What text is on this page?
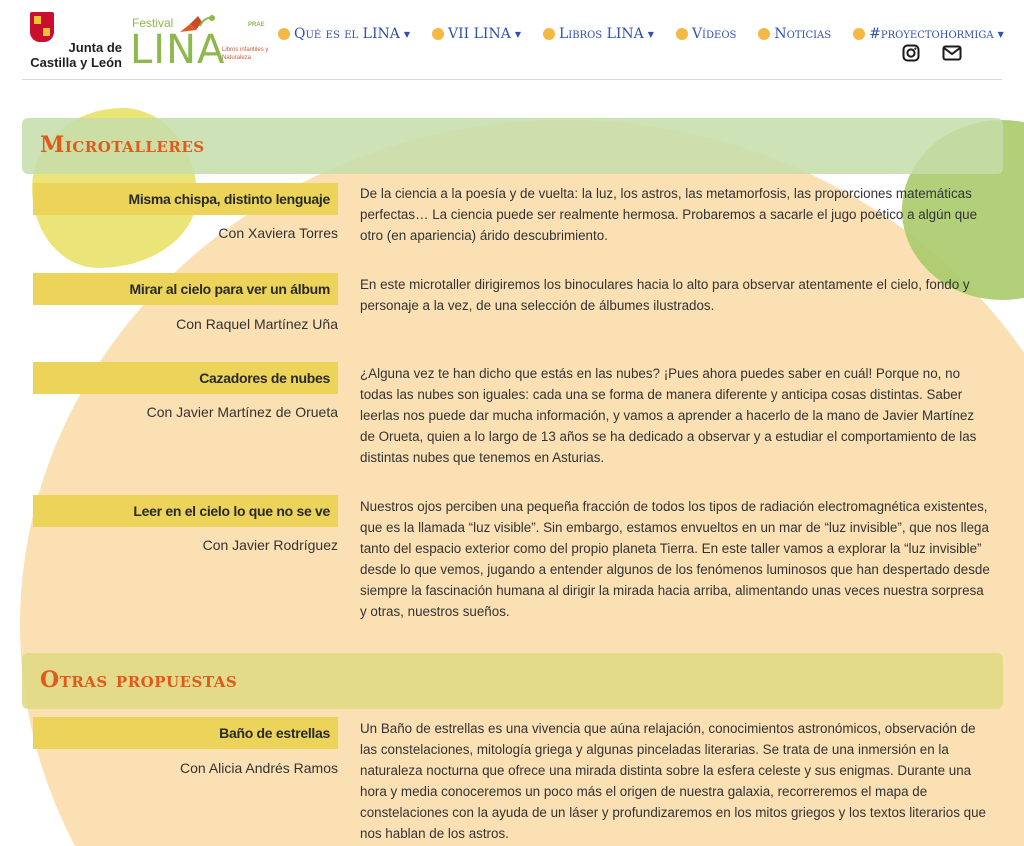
Junta de
Castilla y León
Festival
LINA
PRAE
Libros infantiles y Naturaleza
Qué es el LINA ▼	VII LINA ▼	Libros LINA ▼	Vídeos	Noticias	#proyectohormiga ▼
Microtalleres
Misma chispa, distinto lenguaje
Con Xaviera Torres

De la ciencia a la poesía y de vuelta: la luz, los astros, las metamorfosis, las proporciones matemáticas perfectas… La ciencia puede ser realmente hermosa. Probaremos a sacarle el jugo poético a algún que otro (en apariencia) árido descubrimiento.

Mirar al cielo para ver un álbum
Con Raquel Martínez Uña

En este microtaller dirigiremos los binoculares hacia lo alto para observar atentamente el cielo, fondo y personaje a la vez, de una selección de álbumes ilustrados.

Cazadores de nubes
Con Javier Martínez de Orueta

¿Alguna vez te han dicho que estás en las nubes? ¡Pues ahora puedes saber en cuál! Porque no, no todas las nubes son iguales: cada una se forma de manera diferente y anticipa cosas distintas. Saber leerlas nos puede dar mucha información, y vamos a aprender a hacerlo de la mano de Javier Martínez de Orueta, quien a lo largo de 13 años se ha dedicado a observar y a estudiar el comportamiento de las distintas nubes que tenemos en Asturias.

Leer en el cielo lo que no se ve
Con Javier Rodríguez

Nuestros ojos perciben una pequeña fracción de todos los tipos de radiación electromagnética existentes, que es la llamada “luz visible”. Sin embargo, estamos envueltos en un mar de “luz invisible”, que nos llega tanto del espacio exterior como del propio planeta Tierra. En este taller vamos a explorar la “luz invisible” desde lo que vemos, jugando a entender algunos de los fenómenos luminosos que han despertado desde siempre la fascinación humana al dirigir la mirada hacia arriba, alimentando unas veces nuestra sorpresa y otras, nuestros sueños.

Otras propuestas
Baño de estrellas
Con Alicia Andrés Ramos

Un Baño de estrellas es una vivencia que aúna relajación, conocimientos astronómicos, observación de las constelaciones, mitología griega y algunas pinceladas literarias. Se trata de una inmersión en la naturaleza nocturna que ofrece una mirada distinta sobre la esfera celeste y sus enigmas. Durante una hora y media conoceremos un poco más el origen de nuestra galaxia, recorreremos el mapa de constelaciones con la ayuda de un láser y profundizaremos en los mitos griegos y los textos literarios que nos hablan de los astros.
